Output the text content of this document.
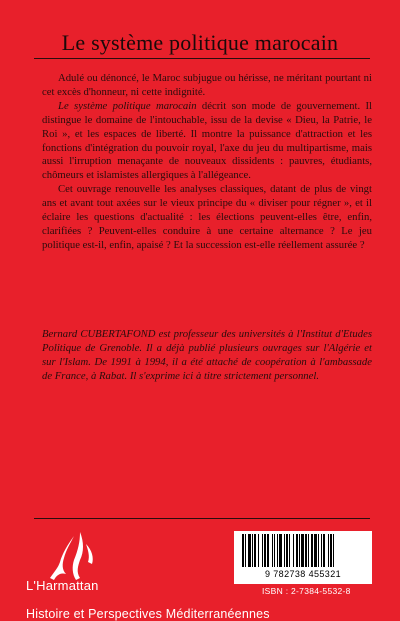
Le système politique marocain

Adulé ou dénoncé, le Maroc subjugue ou hérisse, ne méritant pourtant ni cet excès d'honneur, ni cette indignité.

Le système politique marocain décrit son mode de gouvernement. Il distingue le domaine de l'intouchable, issu de la devise « Dieu, la Patrie, le Roi », et les espaces de liberté. Il montre la puissance d'attraction et les fonctions d'intégration du pouvoir royal, l'axe du jeu du multipartisme, mais aussi l'irruption menaçante de nouveaux dissidents : pauvres, étudiants, chômeurs et islamistes allergiques à l'allégeance.

Cet ouvrage renouvelle les analyses classiques, datant de plus de vingt ans et avant tout axées sur le vieux principe du « diviser pour régner », et il éclaire les questions d'actualité : les élections peuvent-elles être, enfin, clarifiées ? Peuvent-elles conduire à une certaine alternance ? Le jeu politique est-il, enfin, apaisé ? Et la succession est-elle réellement assurée ?

Bernard CUBERTAFOND est professeur des universités à l'Institut d'Etudes Politique de Grenoble. Il a déjà publié plusieurs ouvrages sur l'Algérie et sur l'Islam. De 1991 à 1994, il a été attaché de coopération à l'ambassade de France, à Rabat. Il s'exprime ici à titre strictement personnel.
L'Harmattan
9 782738 455321
ISBN : 2-7384-5532-8
Histoire et Perspectives Méditerranéennes
